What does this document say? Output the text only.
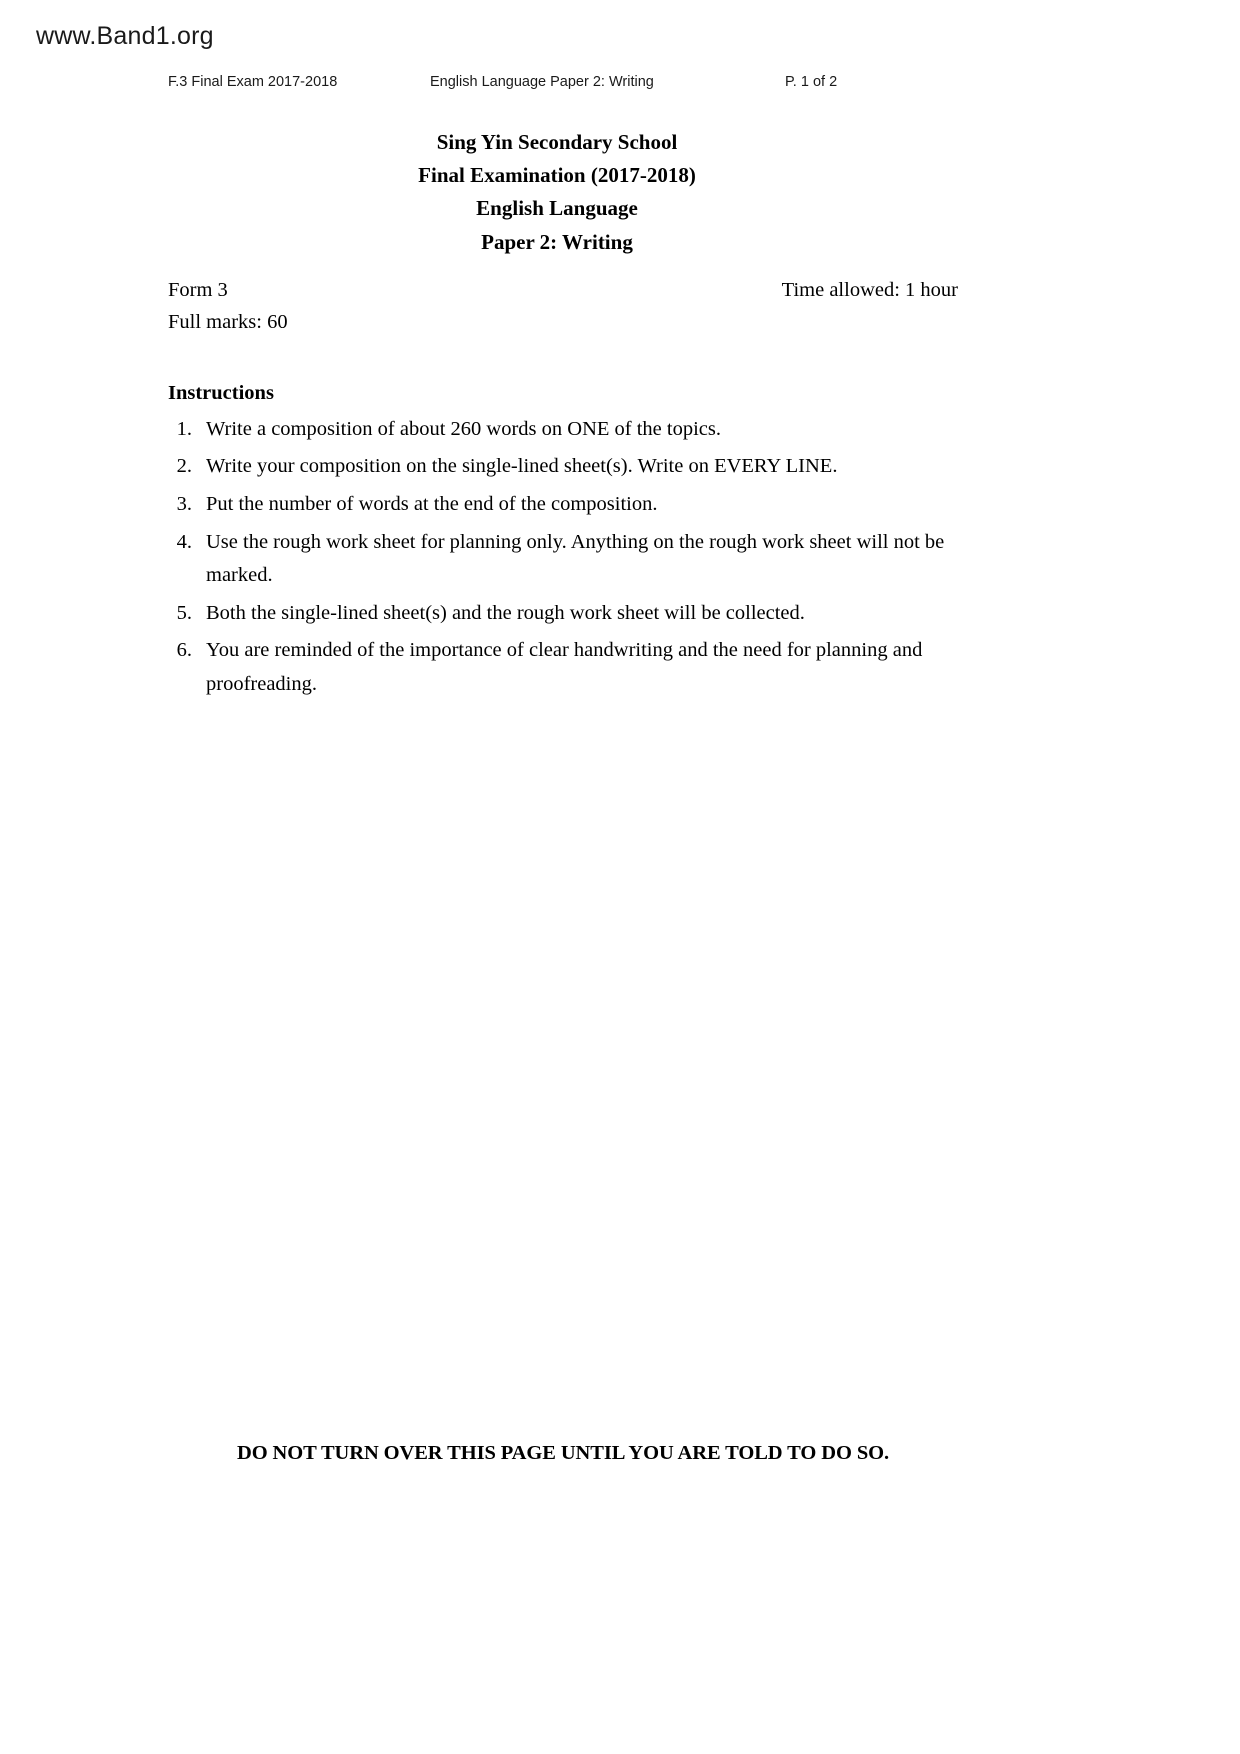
www.Band1.org
F.3 Final Exam 2017-2018	English Language Paper 2: Writing	P. 1 of 2
Sing Yin Secondary School
Final Examination (2017-2018)
English Language
Paper 2: Writing
Form 3	Time allowed: 1 hour
Full marks: 60
Instructions
1. Write a composition of about 260 words on ONE of the topics.
2. Write your composition on the single-lined sheet(s). Write on EVERY LINE.
3. Put the number of words at the end of the composition.
4. Use the rough work sheet for planning only. Anything on the rough work sheet will not be marked.
5. Both the single-lined sheet(s) and the rough work sheet will be collected.
6. You are reminded of the importance of clear handwriting and the need for planning and proofreading.
DO NOT TURN OVER THIS PAGE UNTIL YOU ARE TOLD TO DO SO.
